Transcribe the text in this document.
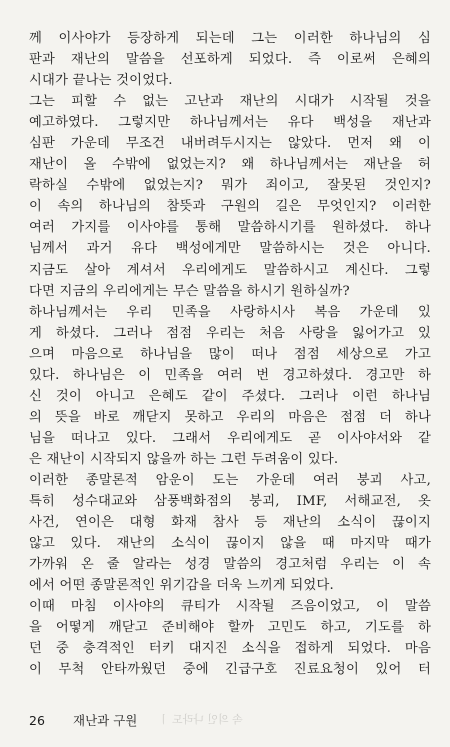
께 이사야가 등장하게 되는데 그는 이러한 하나님의 심
판과 재난의 말씀을 선포하게 되었다. 즉 이로써 은혜의
시대가 끝나는 것이었다.
그는 피할 수 없는 고난과 재난의 시대가 시작될 것을
예고하였다. 그렇지만 하나님께서는 유다 백성을 재난과
심판 가운데 무조건 내버려두시지는 않았다. 먼저 왜 이
재난이 올 수밖에 없었는지? 왜 하나님께서는 재난을 허
락하실 수밖에 없었는지? 뭐가 죄이고, 잘못된 것인지?
이 속의 하나님의 참뜻과 구원의 길은 무엇인지? 이러한
여러 가지를 이사야를 통해 말씀하시기를 원하셨다. 하나
님께서 과거 유다 백성에게만 말씀하시는 것은 아니다.
지금도 살아 계셔서 우리에게도 말씀하시고 계신다. 그렇
다면 지금의 우리에게는 무슨 말씀을 하시기 원하실까?
하나님께서는 우리 민족을 사랑하시사 복음 가운데 있
게 하셨다. 그러나 점점 우리는 처음 사랑을 잃어가고 있
으며 마음으로 하나님을 많이 떠나 점점 세상으로 가고
있다. 하나님은 이 민족을 여러 번 경고하셨다. 경고만 하
신 것이 아니고 은혜도 같이 주셨다. 그러나 이런 하나님
의 뜻을 바로 깨닫지 못하고 우리의 마음은 점점 더 하나
님을 떠나고 있다. 그래서 우리에게도 곧 이사야서와 같
은 재난이 시작되지 않을까 하는 그런 두려움이 있다.
이러한 종말론적 암운이 도는 가운데 여러 붕괴 사고,
특히 성수대교와 삼풍백화점의 붕괴, IMF, 서해교전, 옷
사건, 연이은 대형 화재 참사 등 재난의 소식이 끊이지
않고 있다. 재난의 소식이 끊이지 않을 때 마지막 때가
가까워 온 줄 알라는 성경 말씀의 경고처럼 우리는 이 속
에서 어떤 종말론적인 위기감을 더욱 느끼게 되었다.
이때 마침 이사야의 큐티가 시작될 즈음이었고, 이 말씀
을 어떻게 깨닫고 준비해야 할까 고민도 하고, 기도를 하
던 중 충격적인 터키 대지진 소식을 접하게 되었다. 마음
이 무척 안타까웠던 중에 긴급구호 진료요청이 있어 터
속 의인 나라도 ㅣ
26 재난과 구원
